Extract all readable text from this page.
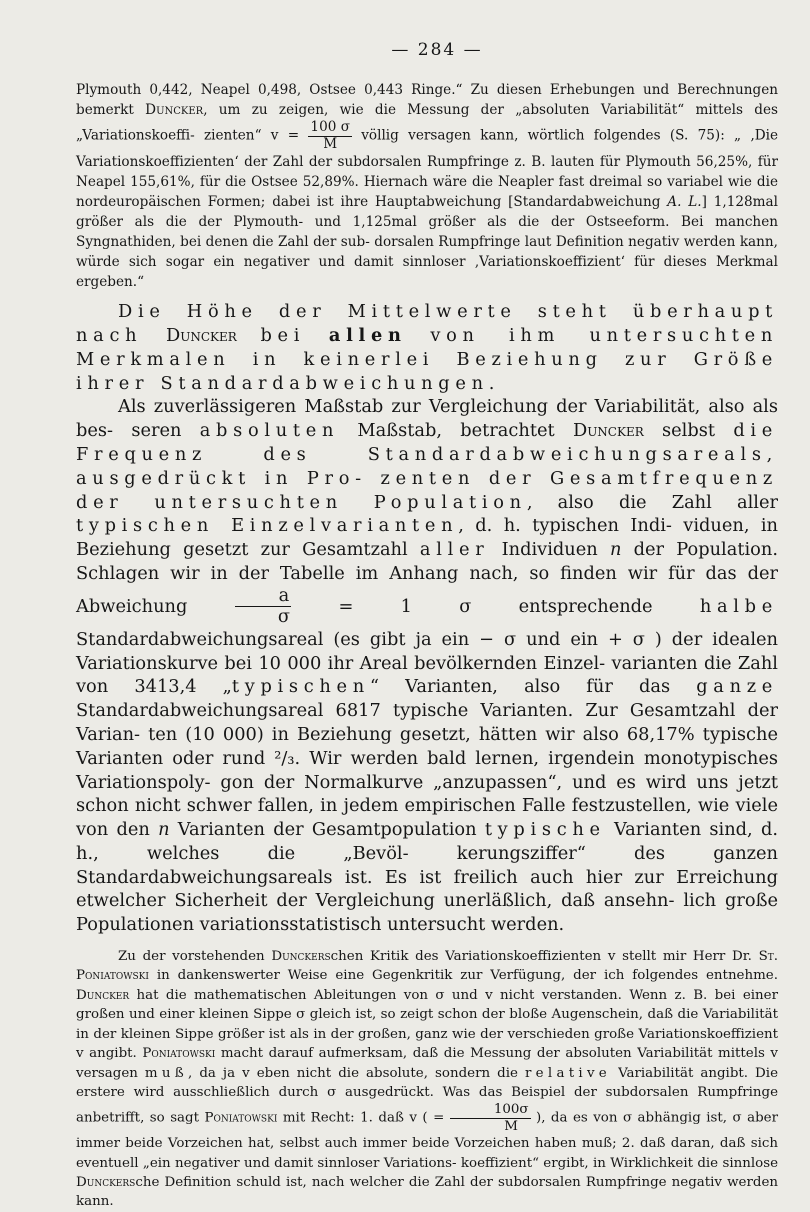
— 284 —

Plymouth 0,442, Neapel 0,498, Ostsee 0,443 Ringe.“ Zu diesen Erhebungen und Berechnungen bemerkt Duncker, um zu zeigen, wie die Messung der „absoluten Variabilität“ mittels des „Variationskoeffi- zienten“ $v = \frac{100 \sigma}{M}$ völlig versagen kann, wörtlich folgendes (S. 75): „ ‚Die Variationskoeffizienten‘ der Zahl der subdorsalen Rumpfringe z. B. lauten für Plymouth 56,25%, für Neapel 155,61%, für die Ostsee 52,89%. Hiernach wäre die Neapler fast dreimal so variabel wie die nordeuropäischen Formen; dabei ist ihre Hauptabweichung [Standardabweichung A. L.] 1,128mal größer als die der Plymouth- und 1,125mal größer als die der Ostseeform. Bei manchen Syngnathiden, bei denen die Zahl der sub- dorsalen Rumpfringe laut Definition negativ werden kann, würde sich sogar ein negativer und damit sinnloser ‚Variationskoeffizient‘ für dieses Merkmal ergeben.“

Die Höhe der Mittelwerte steht überhaupt nach Duncker bei allen von ihm untersuchten Merkmalen in keinerlei Beziehung zur Größe ihrer Standardabweichungen.

Als zuverlässigeren Maßstab zur Vergleichung der Variabilität, also als bes- seren absoluten Maßstab, betrachtet Duncker selbst die Frequenz des Standardabweichungsareals, ausgedrückt in Pro- zenten der Gesamtfrequenz der untersuchten Population, also die Zahl aller typischen Einzelvarianten, d. h. typischen Indi- viduen, in Beziehung gesetzt zur Gesamtzahl aller Individuen n der Population. Schlagen wir in der Tabelle im Anhang nach, so finden wir für das der Abweichung $\frac{a}{\sigma} = 1$ σ entsprechende halbe Standardabweichungsareal (es gibt ja ein − σ und ein + σ ) der idealen Variationskurve bei 10 000 ihr Areal bevölkernden Einzel- varianten die Zahl von 3413,4 „typischen“ Varianten, also für das ganze Standardabweichungsareal 6817 typische Varianten. Zur Gesamtzahl der Varian- ten (10 000) in Beziehung gesetzt, hätten wir also 68,17% typische Varianten oder rund ²/₃. Wir werden bald lernen, irgendein monotypisches Variationspoly- gon der Normalkurve „anzupassen“, und es wird uns jetzt schon nicht schwer fallen, in jedem empirischen Falle festzustellen, wie viele von den n Varianten der Gesamtpopulation typische Varianten sind, d. h., welches die „Bevöl- kerungsziffer“ des ganzen Standardabweichungsareals ist. Es ist freilich auch hier zur Erreichung etwelcher Sicherheit der Vergleichung unerläßlich, daß ansehn- lich große Populationen variationsstatistisch untersucht werden.

Zu der vorstehenden Dunckerschen Kritik des Variationskoeffizienten v stellt mir Herr Dr. St. Poniatowski in dankenswerter Weise eine Gegenkritik zur Verfügung, der ich folgendes entnehme. Duncker hat die mathematischen Ableitungen von σ und v nicht verstanden. Wenn z. B. bei einer großen und einer kleinen Sippe σ gleich ist, so zeigt schon der bloße Augenschein, daß die Variabilität in der kleinen Sippe größer ist als in der großen, ganz wie der verschieden große Variationskoeffizient v angibt. Poniatowski macht darauf aufmerksam, daß die Messung der absoluten Variabilität mittels v versagen muß, da ja v eben nicht die absolute, sondern die relative Variabilität angibt. Die erstere wird ausschließlich durch σ ausgedrückt. Was das Beispiel der subdorsalen Rumpfringe anbetrifft, so sagt Poniatowski mit Recht: 1. daß v ( = $\frac{100\sigma}{M}$ ), da es von σ abhängig ist, σ aber immer beide Vorzeichen hat, selbst auch immer beide Vorzeichen haben muß; 2. daß daran, daß sich eventuell „ein negativer und damit sinnloser Variations- koeffizient“ ergibt, in Wirklichkeit die sinnlose Dunckersche Definition schuld ist, nach welcher die Zahl der subdorsalen Rumpfringe negativ werden kann.
